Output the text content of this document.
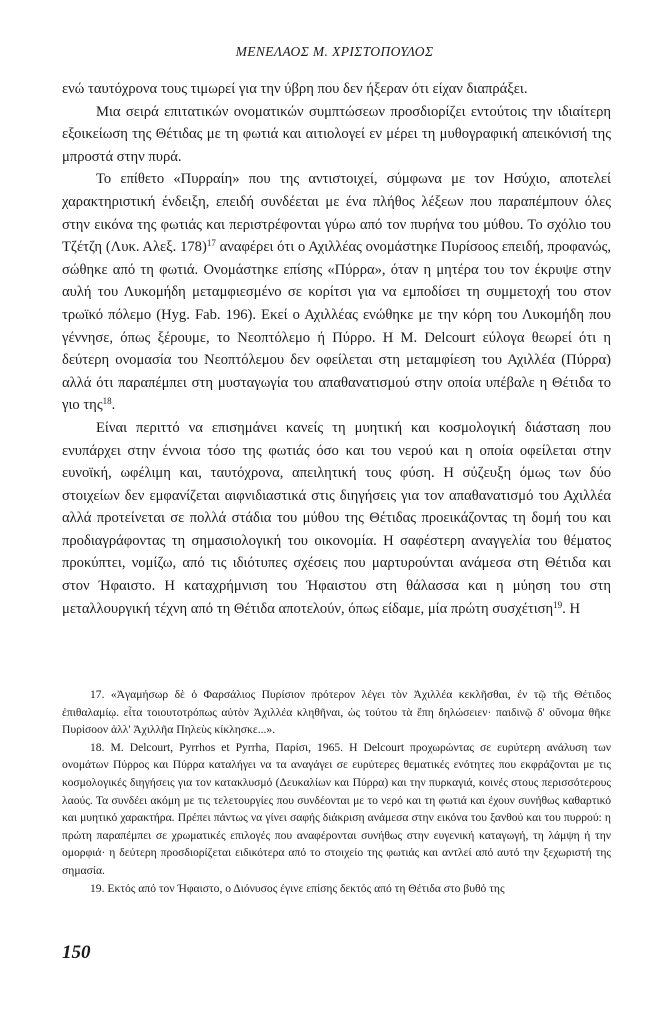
ΜΕΝΕΛΑΟΣ Μ. ΧΡΙΣΤΟΠΟΥΛΟΣ

ενώ ταυτόχρονα τους τιμωρεί για την ύβρη που δεν ήξεραν ότι είχαν διαπράξει.

Μια σειρά επιτατικών ονοματικών συμπτώσεων προσδιορίζει εντούτοις την ιδιαίτερη εξοικείωση της Θέτιδας με τη φωτιά και αιτιολογεί εν μέρει τη μυθογραφική απεικόνισή της μπροστά στην πυρά.

Το επίθετο «Πυρραίη» που της αντιστοιχεί, σύμφωνα με τον Ησύχιο, αποτελεί χαρακτηριστική ένδειξη, επειδή συνδέεται με ένα πλήθος λέξεων που παραπέμπουν όλες στην εικόνα της φωτιάς και περιστρέφονται γύρω από τον πυρήνα του μύθου. Το σχόλιο του Τζέτζη (Λυκ. Αλεξ. 178)$^{17}$ αναφέρει ότι ο Αχιλλέας ονομάστηκε Πυρίσοος επειδή, προφανώς, σώθηκε από τη φωτιά. Ονομάστηκε επίσης «Πύρρα», όταν η μητέρα του τον έκρυψε στην αυλή του Λυκομήδη μεταμφιεσμένο σε κορίτσι για να εμποδίσει τη συμμετοχή του στον τρωϊκό πόλεμο (Hyg. Fab. 196). Εκεί ο Αχιλλέας ενώθηκε με την κόρη του Λυκομήδη που γέννησε, όπως ξέρουμε, το Νεοπτόλεμο ή Πύρρο. Η M. Delcourt εύλογα θεωρεί ότι η δεύτερη ονομασία του Νεοπτόλεμου δεν οφείλεται στη μεταμφίεση του Αχιλλέα (Πύρρα) αλλά ότι παραπέμπει στη μυσταγωγία του απαθανατισμού στην οποία υπέβαλε η Θέτιδα το γιο της$^{18}$.

Είναι περιττό να επισημάνει κανείς τη μυητική και κοσμολογική διάσταση που ενυπάρχει στην έννοια τόσο της φωτιάς όσο και του νερού και η οποία οφείλεται στην ευνοϊκή, ωφέλιμη και, ταυτόχρονα, απειλητική τους φύση. Η σύζευξη όμως των δύο στοιχείων δεν εμφανίζεται αιφνιδιαστικά στις διηγήσεις για τον απαθανατισμό του Αχιλλέα αλλά προτείνεται σε πολλά στάδια του μύθου της Θέτιδας προεικάζοντας τη δομή του και προδιαγράφοντας τη σημασιολογική του οικονομία. Η σαφέστερη αναγγελία του θέματος προκύπτει, νομίζω, από τις ιδιότυπες σχέσεις που μαρτυρούνται ανάμεσα στη Θέτιδα και στον Ήφαιστο. Η καταχρήμνιση του Ήφαιστου στη θάλασσα και η μύηση του στη μεταλλουργική τέχνη από τη Θέτιδα αποτελούν, όπως είδαμε, μία πρώτη συσχέτιση$^{19}$. Η

17. «Ἀγαμήσωρ δὲ ὁ Φαρσάλιος Πυρίσιον πρότερον λέγει τὸν Ἀχιλλέα κεκλῆσθαι, ἐν τῷ τῆς Θέτιδος ἐπιθαλαμίῳ. εἶτα τοιουτοτρόπως αὐτὸν Ἀχιλλέα κληθῆναι, ὡς τούτου τὰ ἔπη δηλώσειεν· παιδινῷ δ' οὔνομα θῆκε Πυρίσοον ἀλλ' Ἀχιλλῆα Πηλεὺς κίκλησκε...».

18. M. Delcourt, Pyrrhos et Pyrrha, Παρίσι, 1965. Η Delcourt προχωρώντας σε ευρύτερη ανάλυση των ονομάτων Πύρρος και Πύρρα καταλήγει να τα αναγάγει σε ευρύτερες θεματικές ενότητες που εκφράζονται με τις κοσμολογικές διηγήσεις για τον κατακλυσμό (Δευκαλίων και Πύρρα) και την πυρκαγιά, κοινές στους περισσότερους λαούς. Τα συνδέει ακόμη με τις τελετουργίες που συνδέονται με το νερό και τη φωτιά και έχουν συνήθως καθαρτικό και μυητικό χαρακτήρα. Πρέπει πάντως να γίνει σαφής διάκριση ανάμεσα στην εικόνα του ξανθού και του πυρρού: η πρώτη παραπέμπει σε χρωματικές επιλογές που αναφέρονται συνήθως στην ευγενική καταγωγή, τη λάμψη ή την ομορφιά· η δεύτερη προσδιορίζεται ειδικότερα από το στοιχείο της φωτιάς και αντλεί από αυτό την ξεχωριστή της σημασία.

19. Εκτός από τον Ήφαιστο, ο Διόνυσος έγινε επίσης δεκτός από τη Θέτιδα στο βυθό της

150
